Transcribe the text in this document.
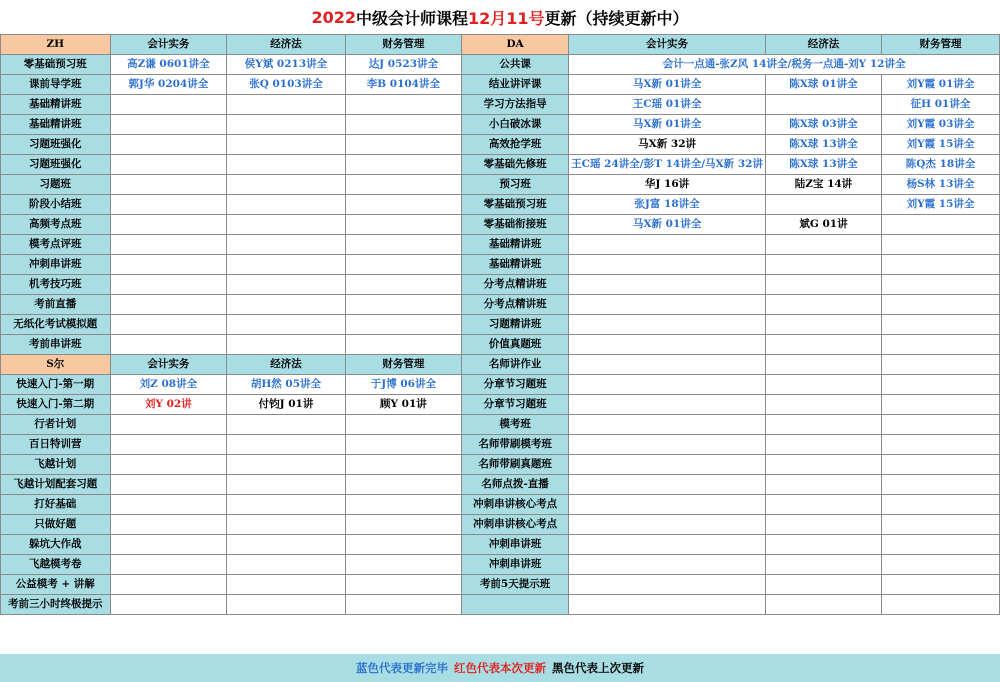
2022 中级会计师课程 12月11号 更新（持续更新中）
ZH	会计实务	经济法	财务管理	DA	会计实务	经济法	财务管理
零基础预习班	高Z谦 0601讲全	侯Y斌 0213讲全	达J 0523讲全	公共课	会计一点通-张Z风 14讲全/税务一点通-刘Y 12讲全		
课前导学班	郭J华 0204讲全	张Q 0103讲全	李B 0104讲全	结业讲评课	马X新 01讲全	陈X球 01讲全	刘Y霞 01讲全
基础精讲班				学习方法指导	王C瑶 01讲全		征H 01讲全
基础精讲班				小白破冰课	马X新 01讲全	陈X球 03讲全	刘Y霞 03讲全
习题班强化				高效抢学班	马X新 32讲	陈X球 13讲全	刘Y霞 15讲全
习题班强化				零基础先修班	王C瑶 24讲全/彭T 14讲全/马X新 32讲	陈X球 13讲全	陈Q杰 18讲全
习题班				预习班	华J 16讲	陆Z宝 14讲	杨S林 13讲全
阶段小结班				零基础预习班	张J富 18讲全		刘Y霞 15讲全
高频考点班				零基础衔接班	马X新 01讲全	斌G 01讲	
模考点评班				基础精讲班			
冲刺串讲班				基础精讲班			
机考技巧班				分考点精讲班			
考前直播				分考点精讲班			
无纸化考试模拟题				习题精讲班			
考前串讲班				价值真题班			
S尔	会计实务	经济法	财务管理	名师讲作业			
快速入门-第一期	刘Z 08讲全	胡H然 05讲全	于J博 06讲全	分章节习题班			
快速入门-第二期	刘Y 02讲	付钧J 01讲	顾Y 01讲	分章节习题班			
行者计划				模考班			
百日特训营				名师带刷模考班			
飞越计划				名师带刷真题班			
飞越计划配套习题				名师点拨-直播			
打好基础				冲刺串讲核心考点			
只做好题				冲刺串讲核心考点			
躲坑大作战				冲刺串讲班			
飞越模考卷				冲刺串讲班			
公益模考 + 讲解				考前5天提示班			
考前三小时终极提示							
蓝色代表更新完毕 红色代表本次更新 黑色代表上次更新
